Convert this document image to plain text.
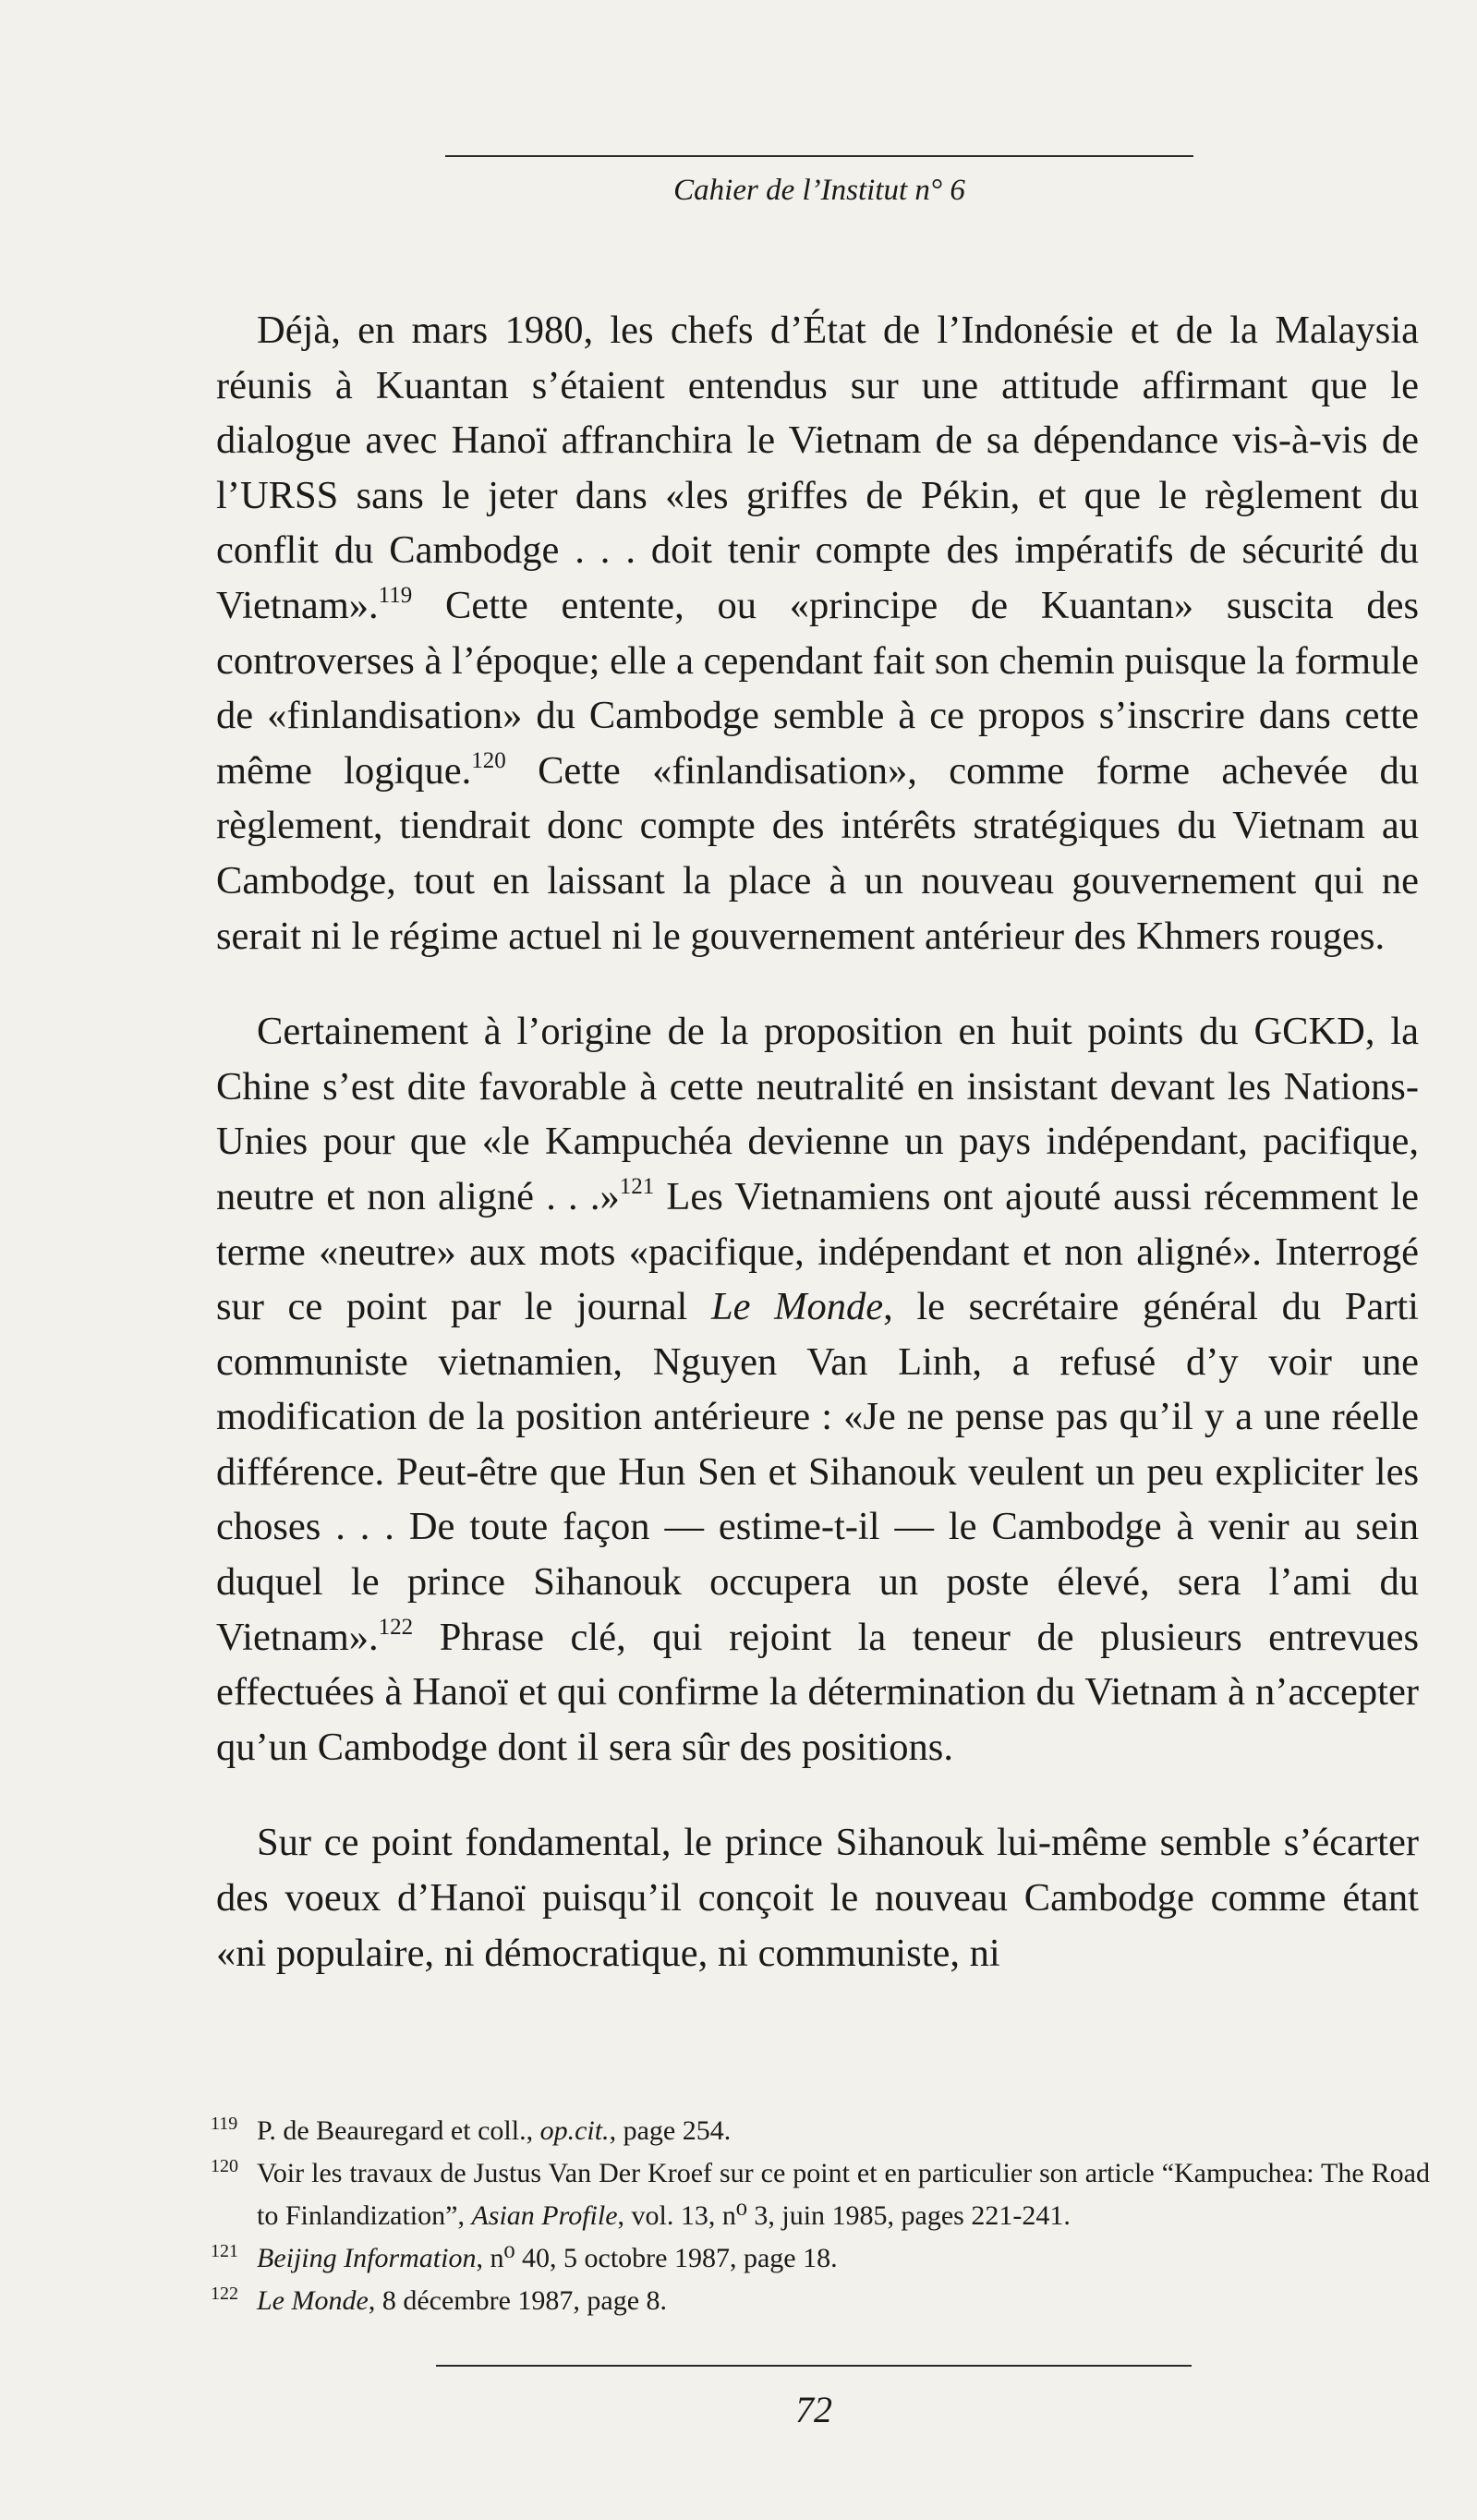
Cahier de l’Institut n° 6

Déjà, en mars 1980, les chefs d’État de l’Indonésie et de la Malaysia réunis à Kuantan s’étaient entendus sur une attitude affirmant que le dialogue avec Hanoï affranchira le Vietnam de sa dépendance vis-à-vis de l’URSS sans le jeter dans «les griffes de Pékin, et que le règlement du conflit du Cambodge . . . doit tenir compte des impératifs de sécurité du Vietnam».$^{119}$ Cette entente, ou «principe de Kuantan» suscita des controverses à l’époque; elle a cependant fait son chemin puisque la formule de «finlandisation» du Cambodge semble à ce propos s’inscrire dans cette même logique.$^{120}$ Cette «finlandisation», comme forme achevée du règlement, tiendrait donc compte des intérêts stratégiques du Vietnam au Cambodge, tout en laissant la place à un nouveau gouvernement qui ne serait ni le régime actuel ni le gouvernement antérieur des Khmers rouges.

Certainement à l’origine de la proposition en huit points du GCKD, la Chine s’est dite favorable à cette neutralité en insistant devant les Nations-Unies pour que «le Kampuchéa devienne un pays indépendant, pacifique, neutre et non aligné . . .»$^{121}$ Les Vietnamiens ont ajouté aussi récemment le terme «neutre» aux mots «pacifique, indépendant et non aligné». Interrogé sur ce point par le journal Le Monde, le secrétaire général du Parti communiste vietnamien, Nguyen Van Linh, a refusé d’y voir une modification de la position antérieure : «Je ne pense pas qu’il y a une réelle différence. Peut-être que Hun Sen et Sihanouk veulent un peu expliciter les choses . . . De toute façon — estime-t-il — le Cambodge à venir au sein duquel le prince Sihanouk occupera un poste élevé, sera l’ami du Vietnam».$^{122}$ Phrase clé, qui rejoint la teneur de plusieurs entrevues effectuées à Hanoï et qui confirme la détermination du Vietnam à n’accepter qu’un Cambodge dont il sera sûr des positions.

Sur ce point fondamental, le prince Sihanouk lui-même semble s’écarter des voeux d’Hanoï puisqu’il conçoit le nouveau Cambodge comme étant «ni populaire, ni démocratique, ni communiste, ni

119 P. de Beauregard et coll., op.cit., page 254.
120 Voir les travaux de Justus Van Der Kroef sur ce point et en particulier son article “Kampuchea: The Road to Finlandization”, Asian Profile, vol. 13, n⁰ 3, juin 1985, pages 221-241.
121 Beijing Information, n⁰ 40, 5 octobre 1987, page 18.
122 Le Monde, 8 décembre 1987, page 8.
72
